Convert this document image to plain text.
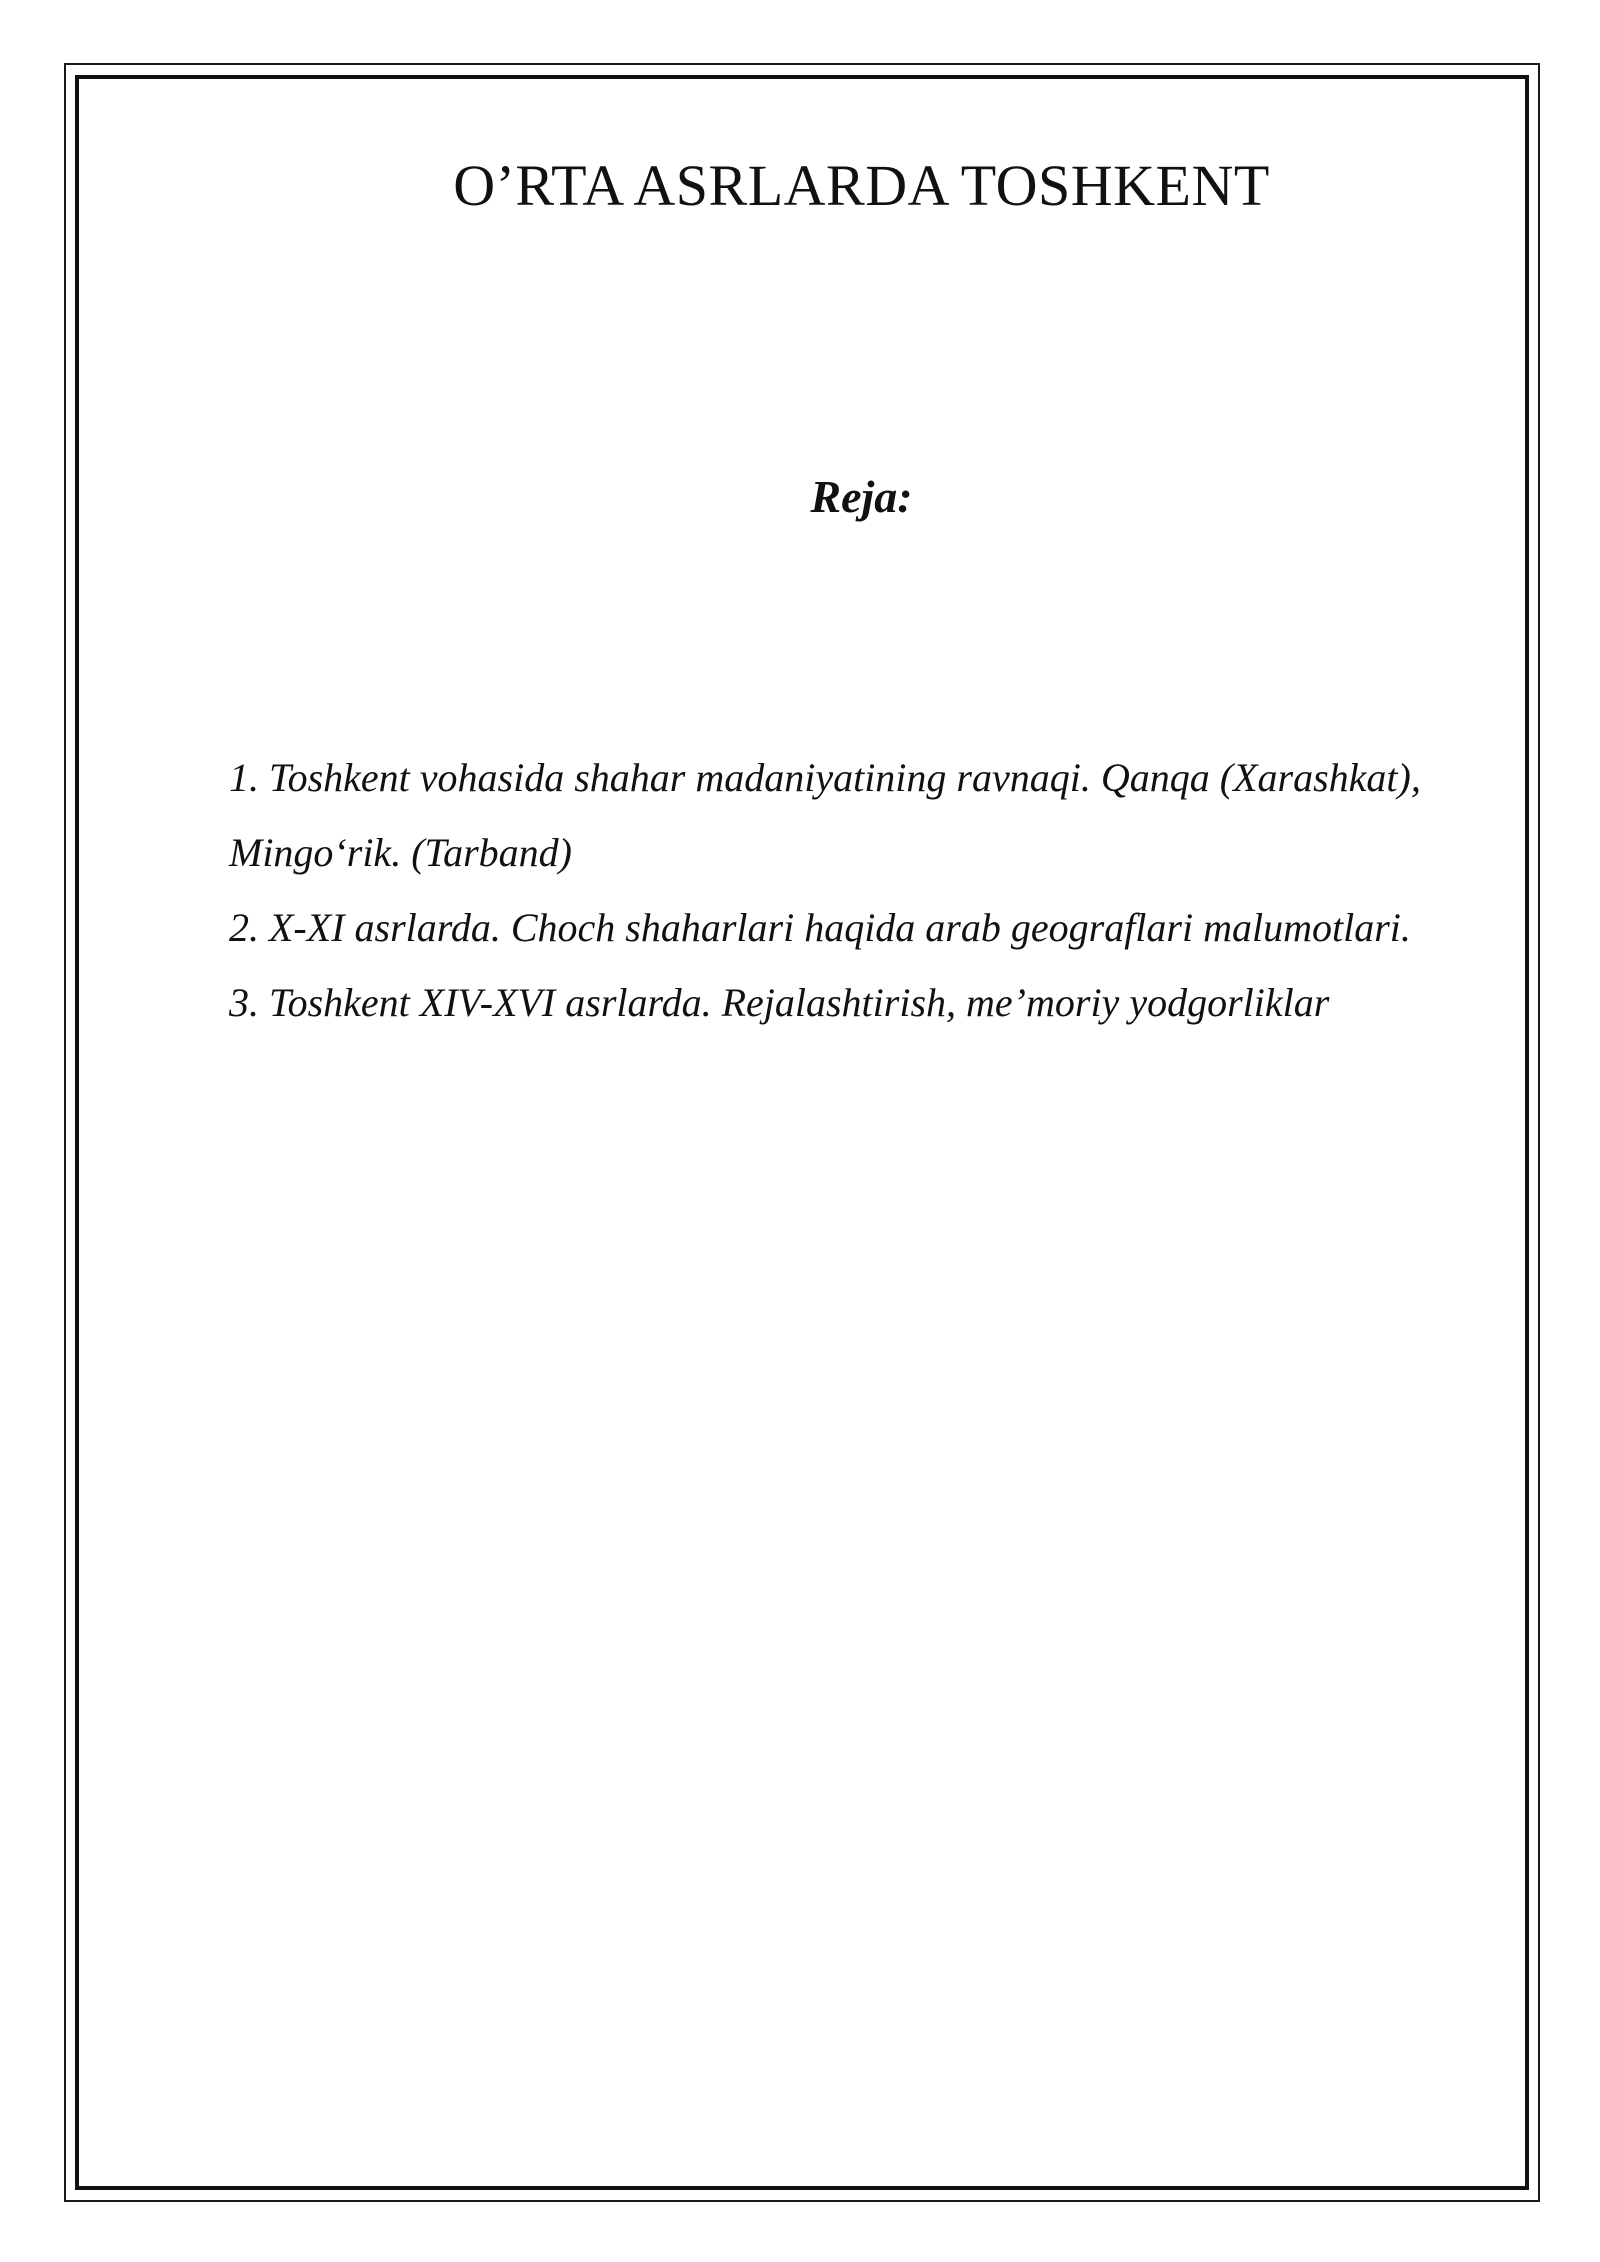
O’RTA ASRLARDA TOSHKENT
Reja:
1. Toshkent vohasida shahar madaniyatining ravnaqi. Qanqa (Xarashkat), Mingo‘rik. (Tarband)
2. X-XI asrlarda. Choch shaharlari haqida arab geograflari malumotlari.
3. Toshkent XIV-XVI asrlarda. Rejalashtirish, me’moriy yodgorliklar
